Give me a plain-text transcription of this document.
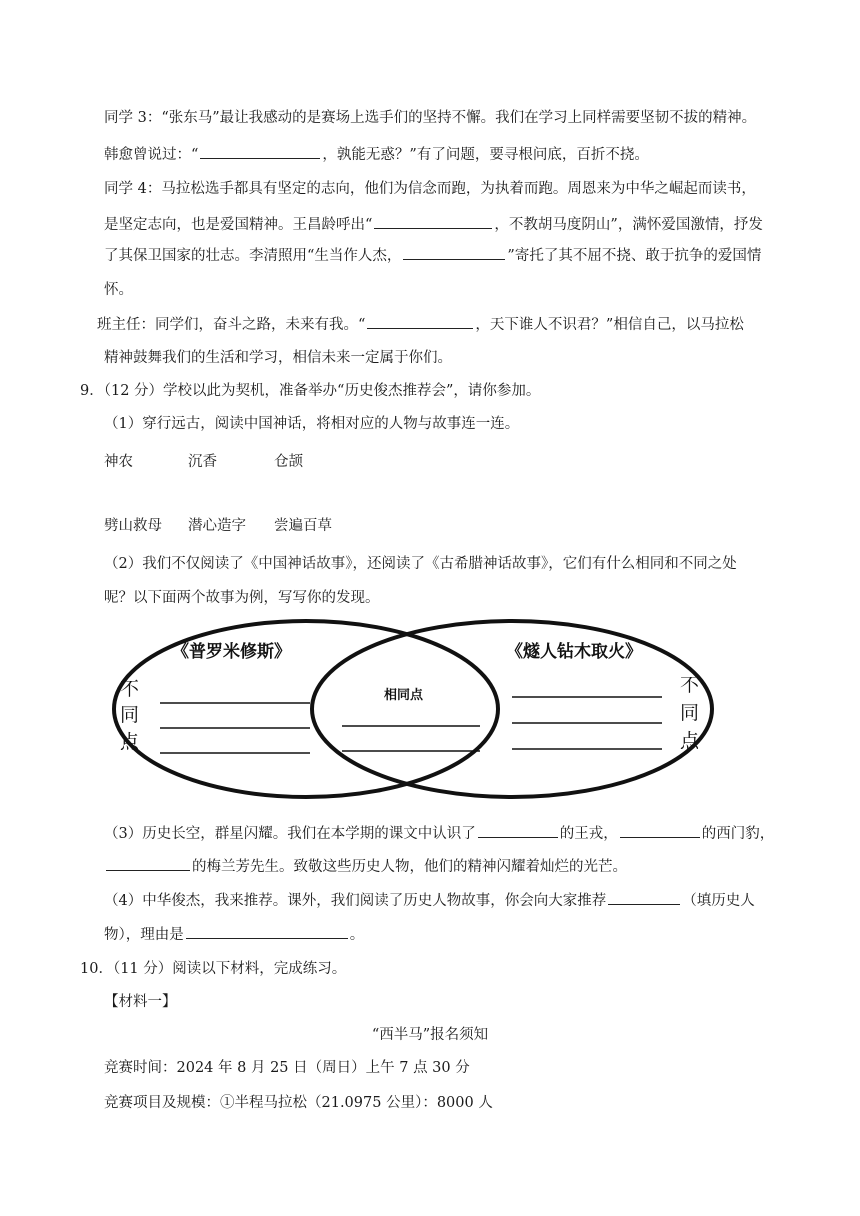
同学 3：“张东马”最让我感动的是赛场上选手们的坚持不懈。我们在学习上同样需要坚韧不拔的精神。
韩愈曾说过：“	，孰能无惑？”有了问题，要寻根问底，百折不挠。
同学 4：马拉松选手都具有坚定的志向，他们为信念而跑，为执着而跑。周恩来为中华之崛起而读书，
是坚定志向，也是爱国精神。王昌龄呼出“	，不教胡马度阴山”，满怀爱国激情，抒发
了其保卫国家的壮志。李清照用“生当作人杰，	”寄托了其不屈不挠、敢于抗争的爱国情
怀。
班主任：同学们，奋斗之路，未来有我。“	，天下谁人不识君？”相信自己，以马拉松
精神鼓舞我们的生活和学习，相信未来一定属于你们。
9．（12 分）学校以此为契机，准备举办“历史俊杰推荐会”，请你参加。
（1）穿行远古，阅读中国神话，将相对应的人物与故事连一连。
神农	沉香	仓颉
劈山救母 潜心造字 尝遍百草
（2）我们不仅阅读了《中国神话故事》，还阅读了《古希腊神话故事》，它们有什么相同和不同之处
呢？以下面两个故事为例，写写你的发现。
《普罗米修斯》	《燧人钻木取火》
相同点
不
同
点
不
同
点
（3）历史长空，群星闪耀。我们在本学期的课文中认识了	的王戎，	的西门豹，
的梅兰芳先生。致敬这些历史人物，他们的精神闪耀着灿烂的光芒。
（4）中华俊杰，我来推荐。课外，我们阅读了历史人物故事，你会向大家推荐	（填历史人
物），理由是	。
10．（11 分）阅读以下材料，完成练习。
【材料一】
“西半马”报名须知
竞赛时间：2024 年 8 月 25 日（周日）上午 7 点 30 分
竞赛项目及规模：①半程马拉松（21.0975 公里）：8000 人
